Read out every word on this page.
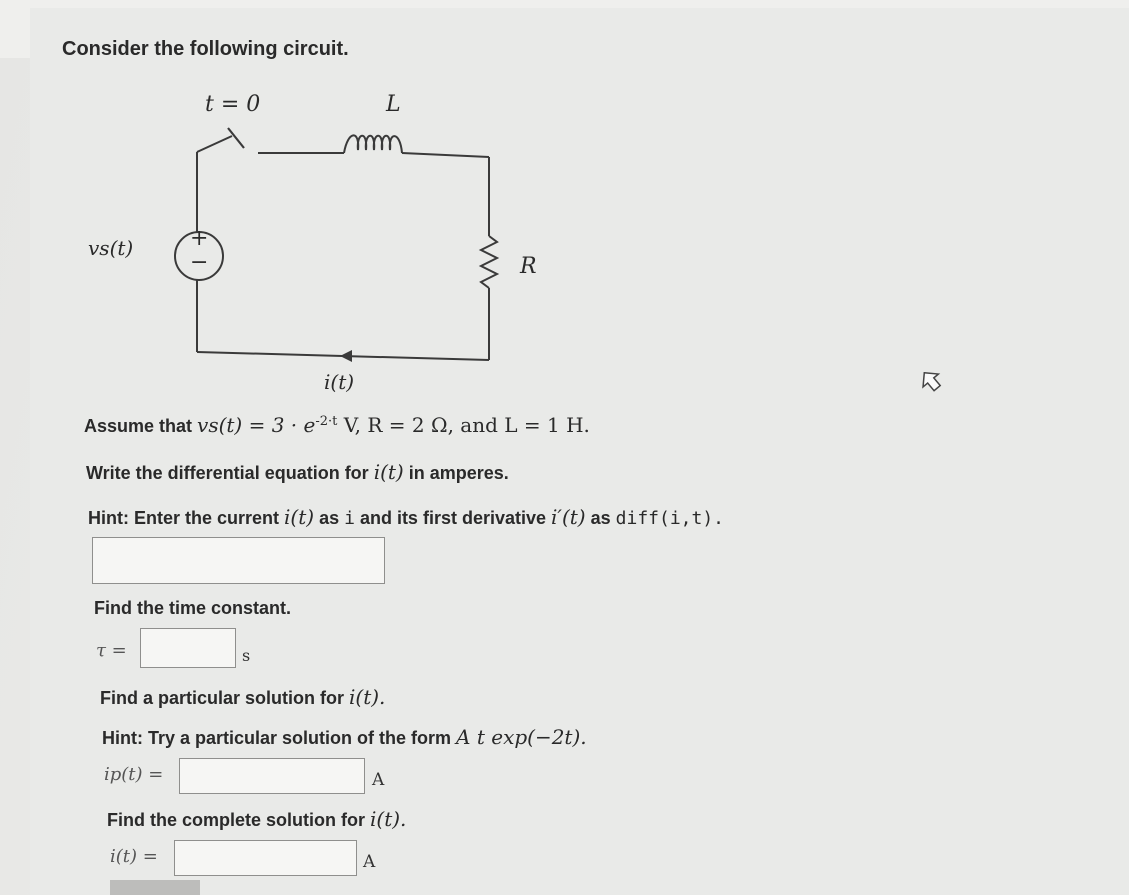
Consider the following circuit.
t = 0	L
vs(t)	+
−	R
i(t)
Assume that $vs(t) = 3 \cdot e^{-2\cdot t}$ V, R = 2 Ω, and L = 1 H.
Write the differential equation for i(t) in amperes.
Hint: Enter the current i(t) as i and its first derivative i′(t) as diff(i,t).
Find the time constant.
τ =	s
Find a particular solution for i(t).
Hint: Try a particular solution of the form A t exp(−2t).
ip(t) =	A
Find the complete solution for i(t).
i(t) =	A
